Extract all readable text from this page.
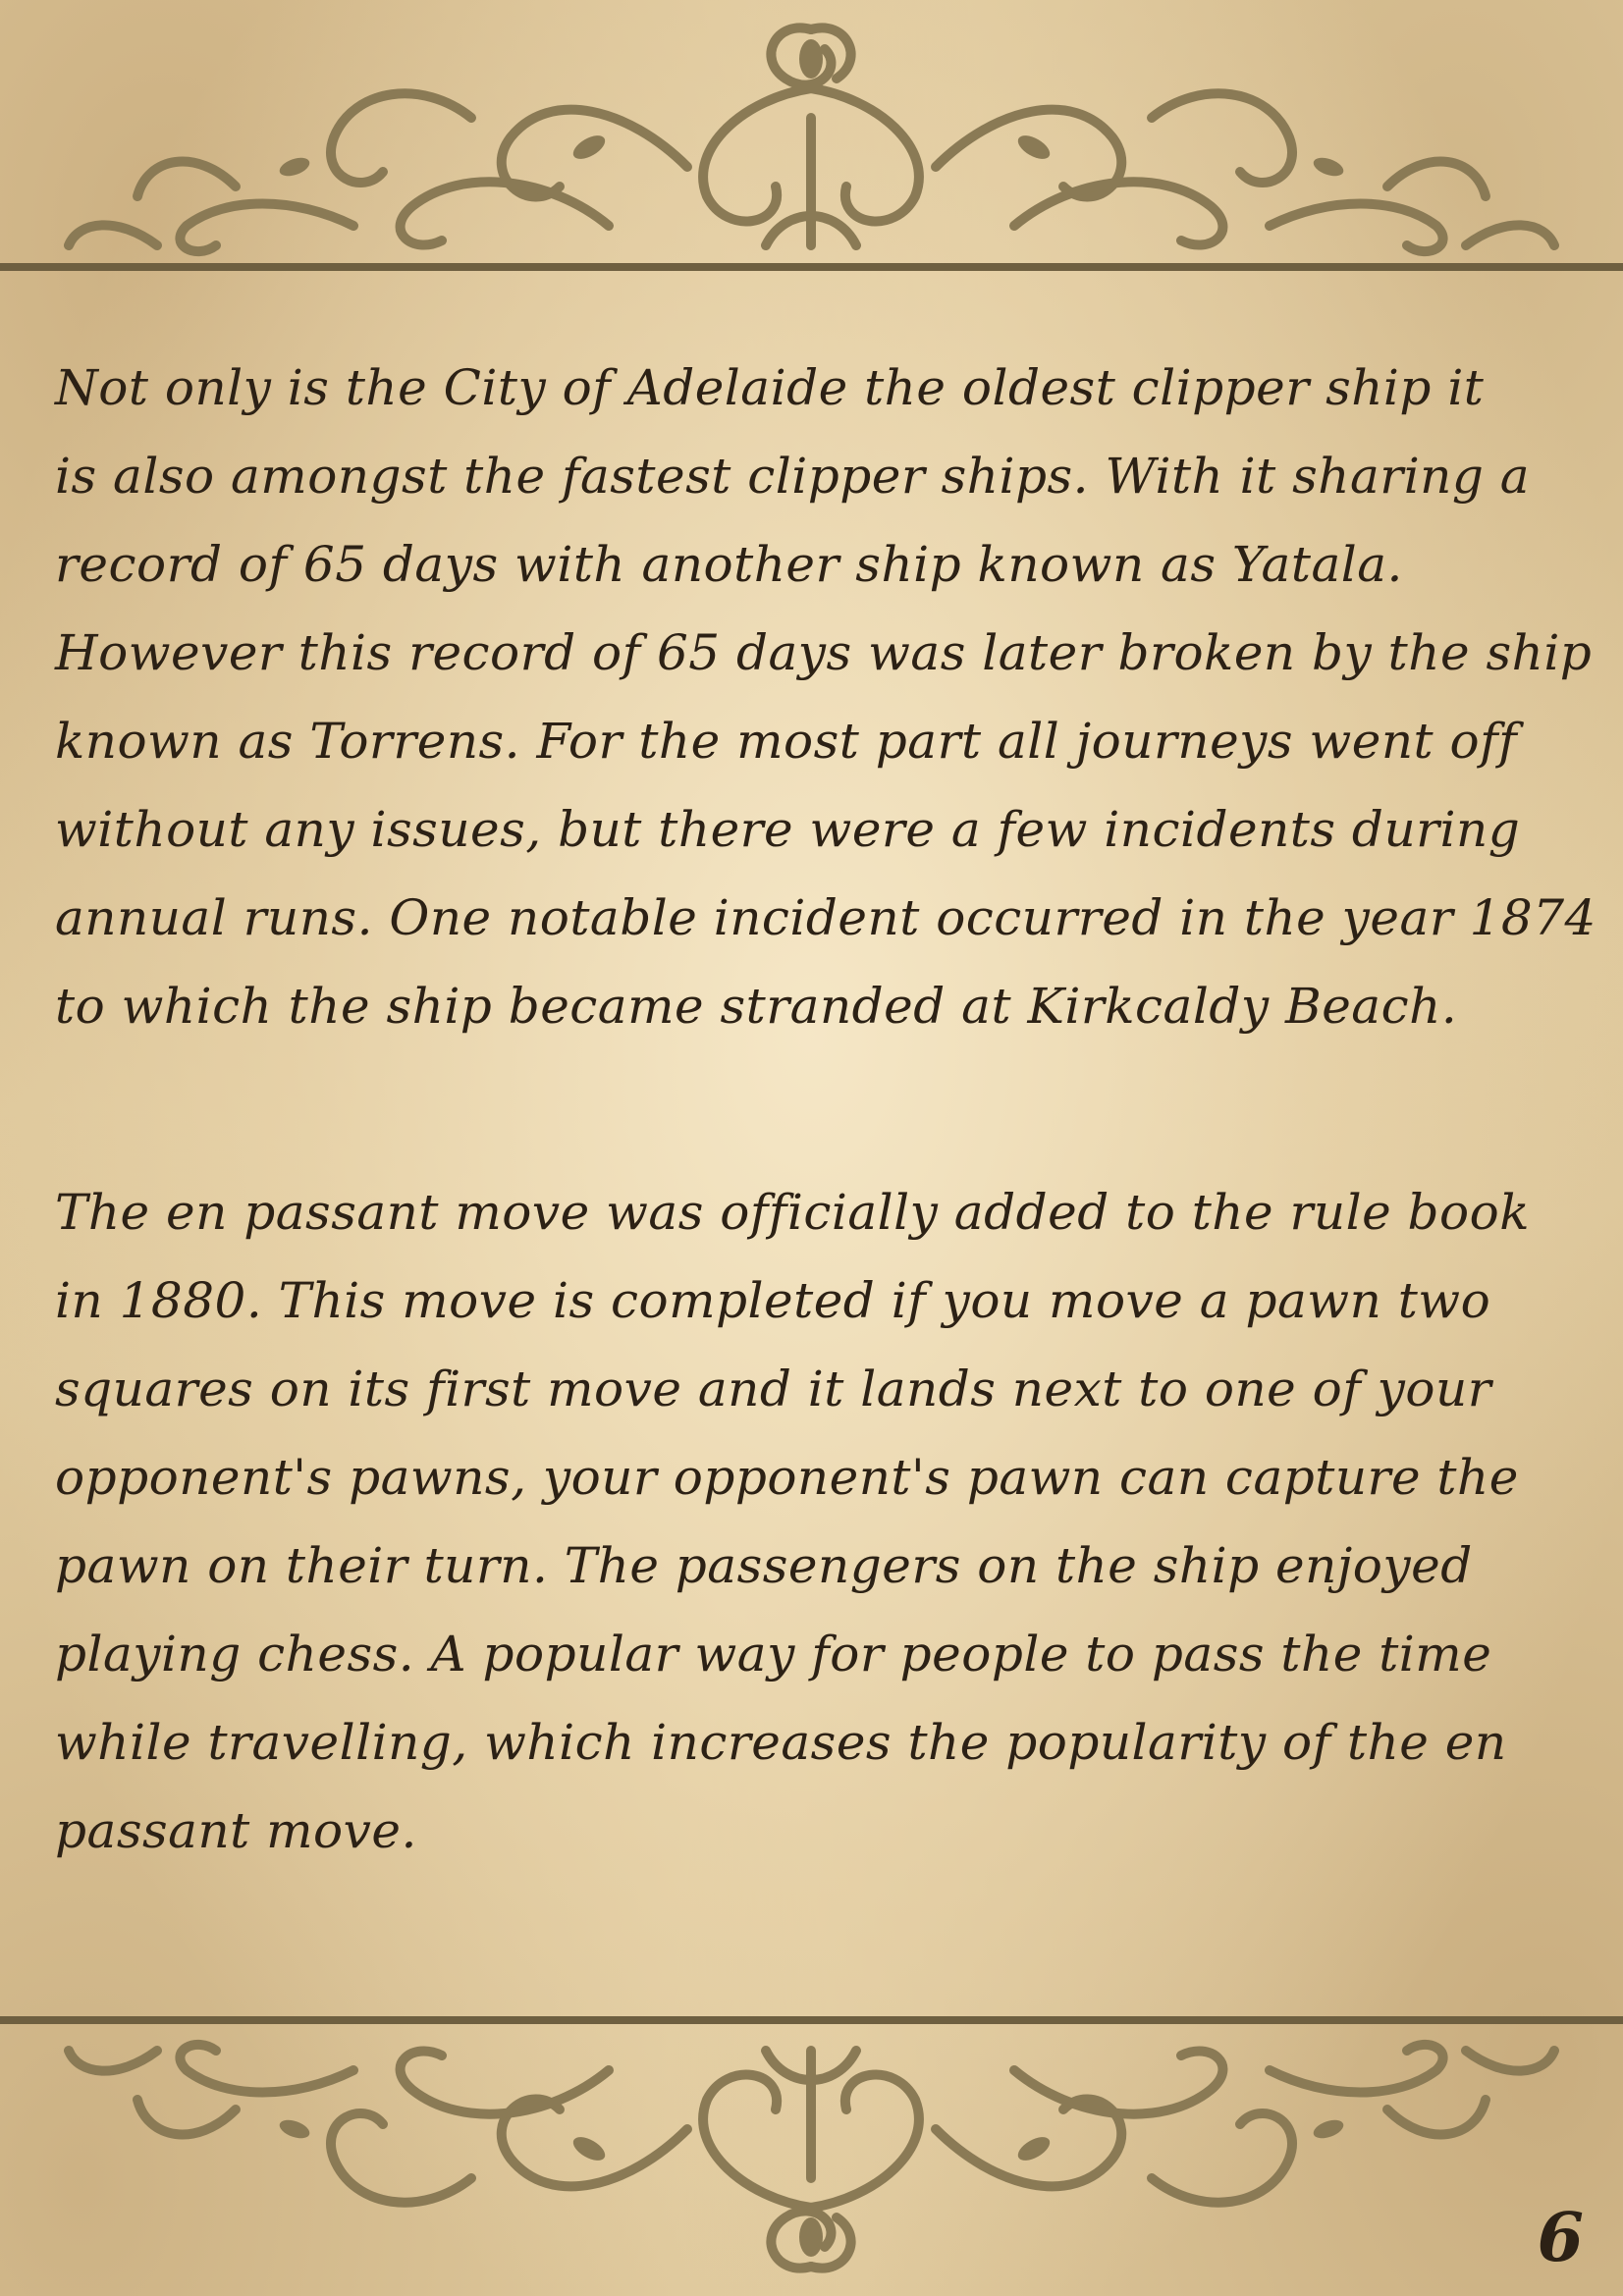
Not only is the City of Adelaide the oldest clipper ship it
is also amongst the fastest clipper ships. With it sharing a
record of 65 days with another ship known as Yatala.
However this record of 65 days was later broken by the ship
known as Torrens. For the most part all journeys went off
without any issues, but there were a few incidents during
annual runs. One notable incident occurred in the year 1874
to which the ship became stranded at Kirkcaldy Beach.
The en passant move was officially added to the rule book
in 1880. This move is completed if you move a pawn two
squares on its first move and it lands next to one of your
opponent's pawns, your opponent's pawn can capture the
pawn on their turn. The passengers on the ship enjoyed
playing chess. A popular way for people to pass the time
while travelling, which increases the popularity of the en
passant move.
6
